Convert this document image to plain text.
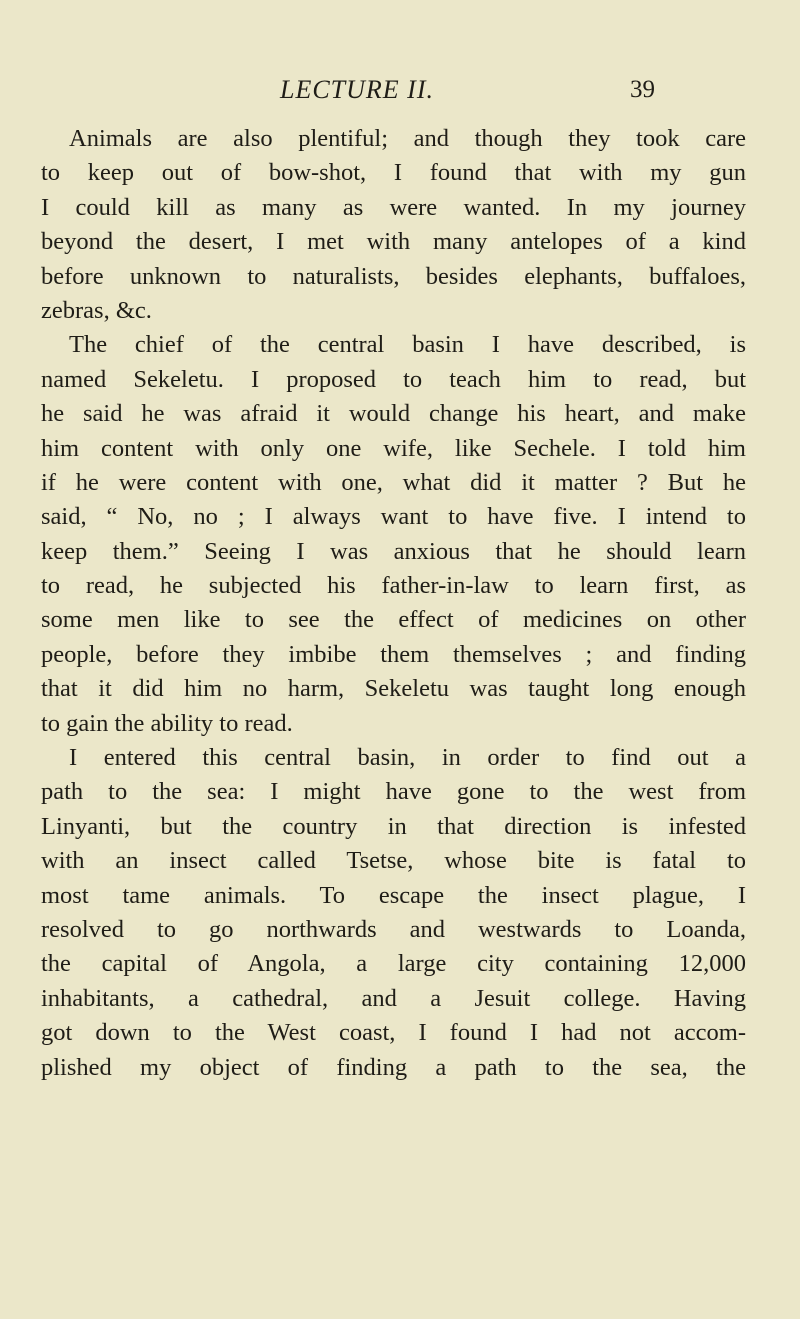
LECTURE II.	39
Animals are also plentiful; and though they took care
to keep out of bow-shot, I found that with my gun
I could kill as many as were wanted. In my journey
beyond the desert, I met with many antelopes of a kind
before unknown to naturalists, besides elephants, buffaloes,
zebras, &c.
The chief of the central basin I have described, is
named Sekeletu. I proposed to teach him to read, but
he said he was afraid it would change his heart, and make
him content with only one wife, like Sechele. I told him
if he were content with one, what did it matter ? But he
said, “ No, no ; I always want to have five. I intend to
keep them.” Seeing I was anxious that he should learn
to read, he subjected his father-in-law to learn first, as
some men like to see the effect of medicines on other
people, before they imbibe them themselves ; and finding
that it did him no harm, Sekeletu was taught long enough
to gain the ability to read.
I entered this central basin, in order to find out a
path to the sea: I might have gone to the west from
Linyanti, but the country in that direction is infested
with an insect called Tsetse, whose bite is fatal to
most tame animals. To escape the insect plague, I
resolved to go northwards and westwards to Loanda,
the capital of Angola, a large city containing 12,000
inhabitants, a cathedral, and a Jesuit college. Having
got down to the West coast, I found I had not accom-
plished my object of finding a path to the sea, the
